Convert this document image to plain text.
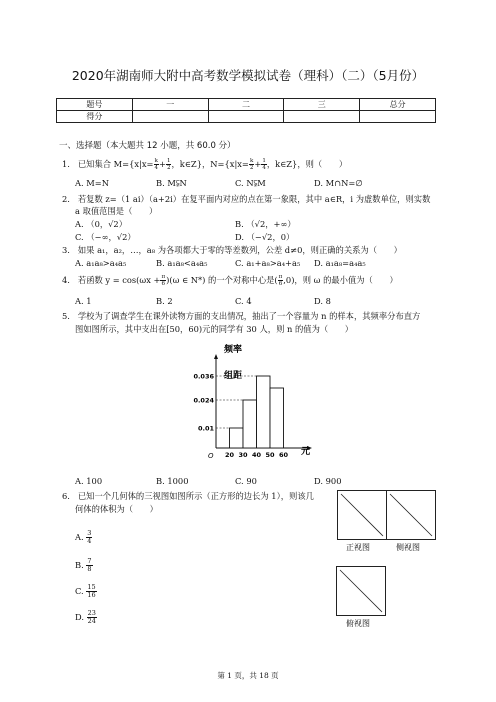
2020年湖南师大附中高考数学模拟试卷（理科）（二）（5月份）
题号	一	二	三	总分
得分				
一、选择题（本大题共 12 小题，共 60.0 分）
1. 已知集合 $M=\{x|x= \frac{k}{4} + \frac{1}{2}$ ，k∈Z}，$N=\{x|x= \frac{k}{2} + \frac{1}{4}$ ，k∈Z}，则（　　）
A. M=N	B. M⫋N	C. N⫋M	D. M∩N=∅
2. 若复数 z=（1 ai）（a+2i）在复平面内对应的点在第一象限，其中 a∈R，i 为虚数单位，则实数
a 取值范围是（　　）
A. （0，√2）	B. （√2，+∞）
C. （−∞，√2）	D. （−√2，0）
3. 如果 a₁，a₂，…，a₈ 为各项都大于零的等差数列，公差 d≠0，则正确的关系为（　　）
A. a₁a₈>a₄a₅	B. a₁a₈<a₄a₅	C. a₁+a₈>a₄+a₅ D. a₁a₈=a₄a₅
4. 若函数 $y = \cos(\omega x + \frac{\pi}{6} )(\omega$ ∈ N*) 的一个对称中心是( $\frac{\pi}{6} ,0$)，则 ω 的最小值为（　　）
A. 1	B. 2	C. 4	D. 8
5. 学校为了调查学生在课外读物方面的支出情况，抽出了一个容量为 n 的样本，其频率分布直方
图如图所示，其中支出在[50，60)元的同学有 30 人，则 n 的值为（　　）
0.01
0.024
0.036
20 30 40 50 60
频率
组距
元
O
A. 100	B. 1000	C. 90	D. 900
6. 已知一个几何体的三视图如图所示（正方形的边长为 1），则该几
何体的体积为（　　）
A. $\frac{3}{4}$
B. $\frac{7}{8}$
C. $\frac{15}{16}$
D. $\frac{23}{24}$
正视图	侧视图
俯视图
第 1 页，共 18 页
